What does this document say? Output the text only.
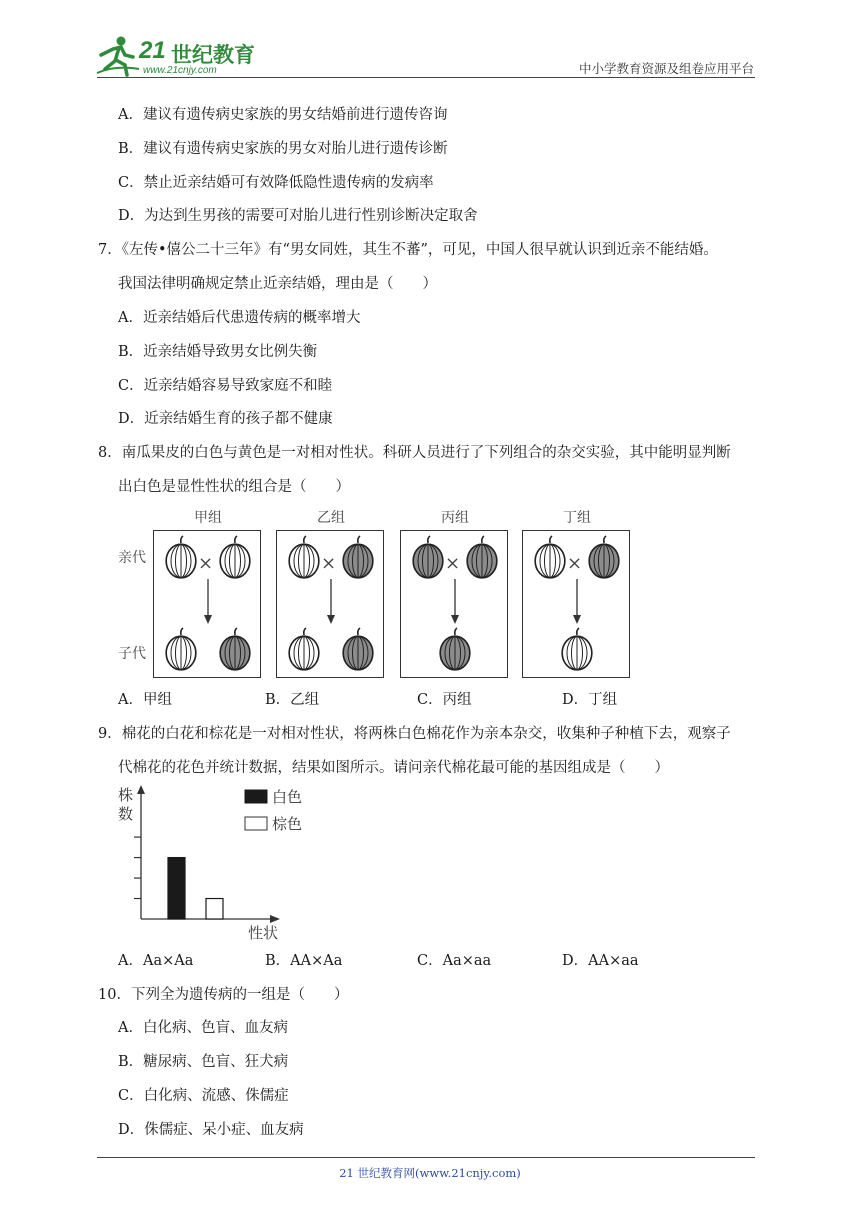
21 世纪教育
www.21cnjy.com	中小学教育资源及组卷应用平台
A．建议有遗传病史家族的男女结婚前进行遗传咨询
B．建议有遗传病史家族的男女对胎儿进行遗传诊断
C．禁止近亲结婚可有效降低隐性遗传病的发病率
D．为达到生男孩的需要可对胎儿进行性别诊断决定取舍
7．《左传•僖公二十三年》有“男女同姓，其生不蕃”，可见，中国人很早就认识到近亲不能结婚。
我国法律明确规定禁止近亲结婚，理由是（　　）
A．近亲结婚后代患遗传病的概率增大
B．近亲结婚导致男女比例失衡
C．近亲结婚容易导致家庭不和睦
D．近亲结婚生育的孩子都不健康
8．南瓜果皮的白色与黄色是一对相对性状。科研人员进行了下列组合的杂交实验，其中能明显判断
出白色是显性性状的组合是（　　）
亲代
子代
甲组
×
乙组
×
丙组
×
丁组
×
A．甲组	B．乙组	C．丙组	D．丁组
9．棉花的白花和棕花是一对相对性状，将两株白色棉花作为亲本杂交，收集种子种植下去，观察子
代棉花的花色并统计数据，结果如图所示。请问亲代棉花最可能的基因组成是（　　）
株
数
性状
白色
棕色
A．Aa×Aa	B．AA×Aa	C．Aa×aa	D．AA×aa
10．下列全为遗传病的一组是（　　）
A．白化病、色盲、血友病
B．糖尿病、色盲、狂犬病
C．白化病、流感、侏儒症
D．侏儒症、呆小症、血友病
21 世纪教育网(www.21cnjy.com)
